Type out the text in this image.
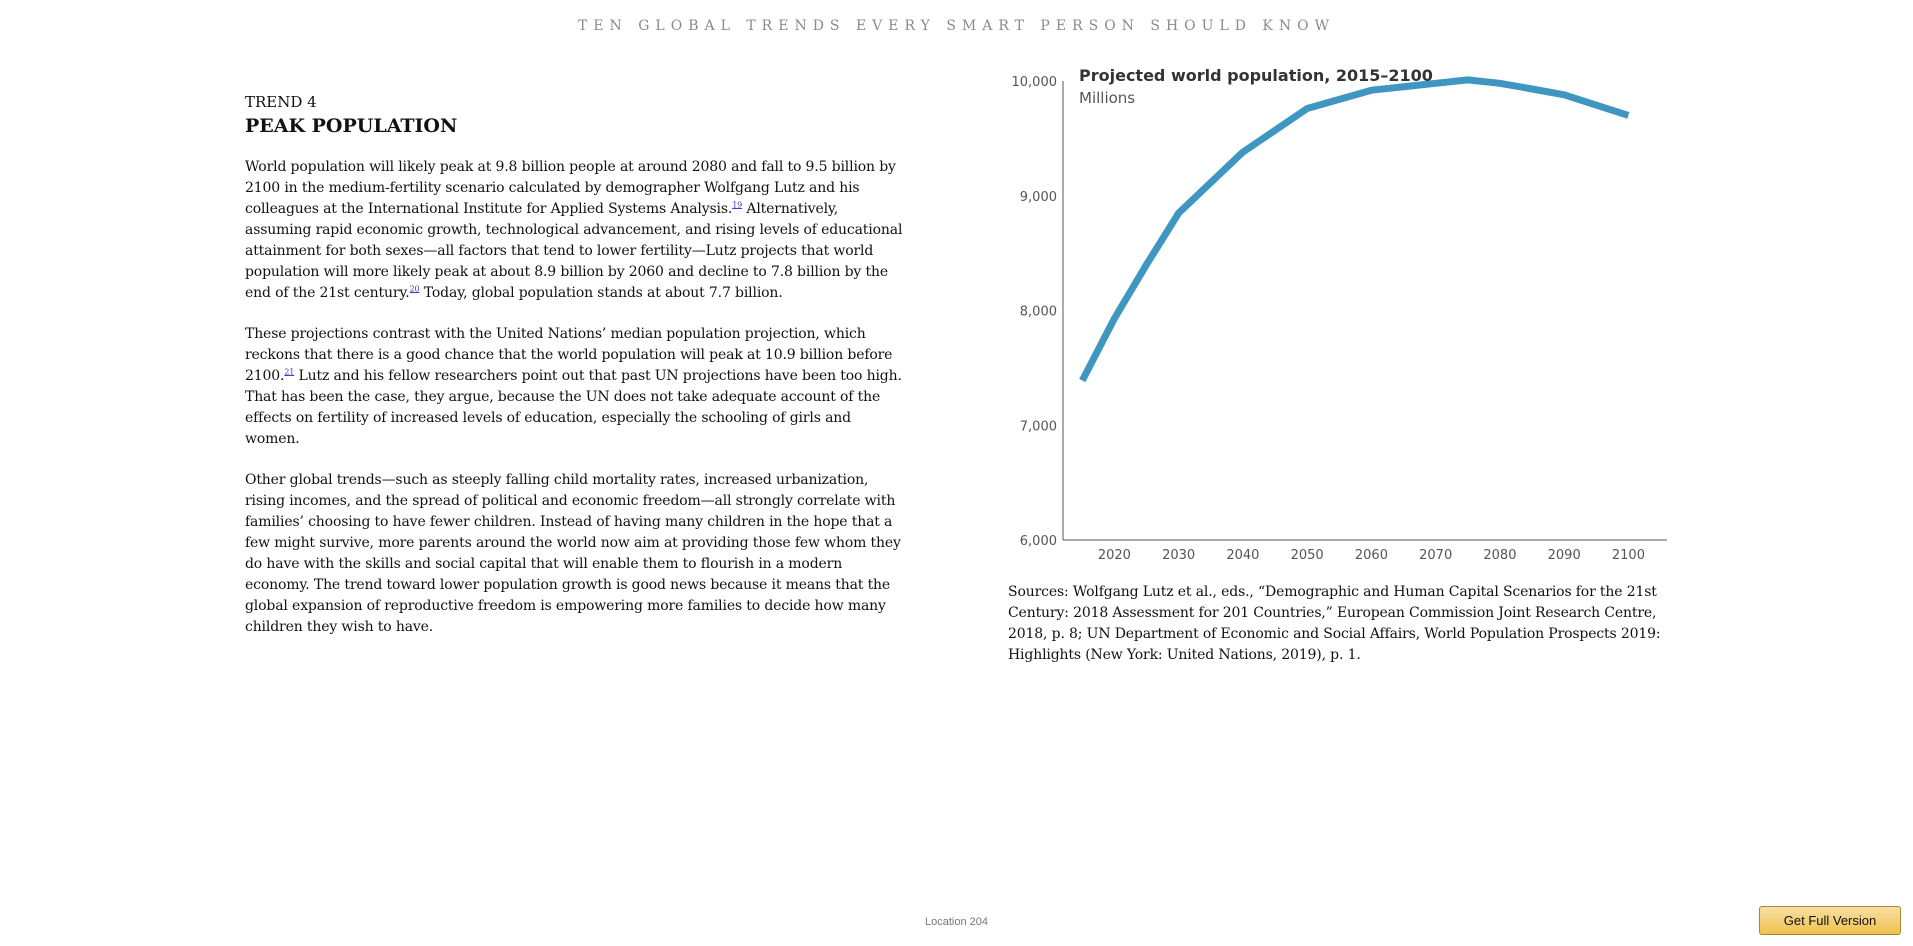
TEN GLOBAL TRENDS EVERY SMART PERSON SHOULD KNOW
TREND 4
PEAK POPULATION

World population will likely peak at 9.8 billion people at around 2080 and fall to 9.5 billion by 2100 in the medium-fertility scenario calculated by demographer Wolfgang Lutz and his colleagues at the International Institute for Applied Systems Analysis.$^{19}$ Alternatively, assuming rapid economic growth, technological advancement, and rising levels of educational attainment for both sexes—all factors that tend to lower fertility—Lutz projects that world population will more likely peak at about 8.9 billion by 2060 and decline to 7.8 billion by the end of the 21st century.$^{20}$ Today, global population stands at about 7.7 billion.

These projections contrast with the United Nations’ median population projection, which reckons that there is a good chance that the world population will peak at 10.9 billion before 2100.21 Lutz and his fellow researchers point out that past UN projections have been too high. That has been the case, they argue, because the UN does not take adequate account of the effects on fertility of increased levels of education, especially the schooling of girls and women.

Other global trends—such as steeply falling child mortality rates, increased urbanization, rising incomes, and the spread of political and economic freedom—all strongly correlate with families’ choosing to have fewer children. Instead of having many children in the hope that a few might survive, more parents around the world now aim at providing those few whom they do have with the skills and social capital that will enable them to flourish in a modern economy. The trend toward lower population growth is good news because it means that the global expansion of reproductive freedom is empowering more families to decide how many children they wish to have.

6,000
7,000
8,000
9,000
10,000
2020 2030 2040 2050 2060 2070 2080 2090 2100
Projected world population, 2015–2100
Millions
Sources: Wolfgang Lutz et al., eds., “Demographic and Human Capital Scenarios for the 21st Century: 2018 Assessment for 201 Countries,” European Commission Joint Research Centre, 2018, p. 8; UN Department of Economic and Social Affairs, World Population Prospects 2019: Highlights (New York: United Nations, 2019), p. 1.
Location 204	Get Full Version
